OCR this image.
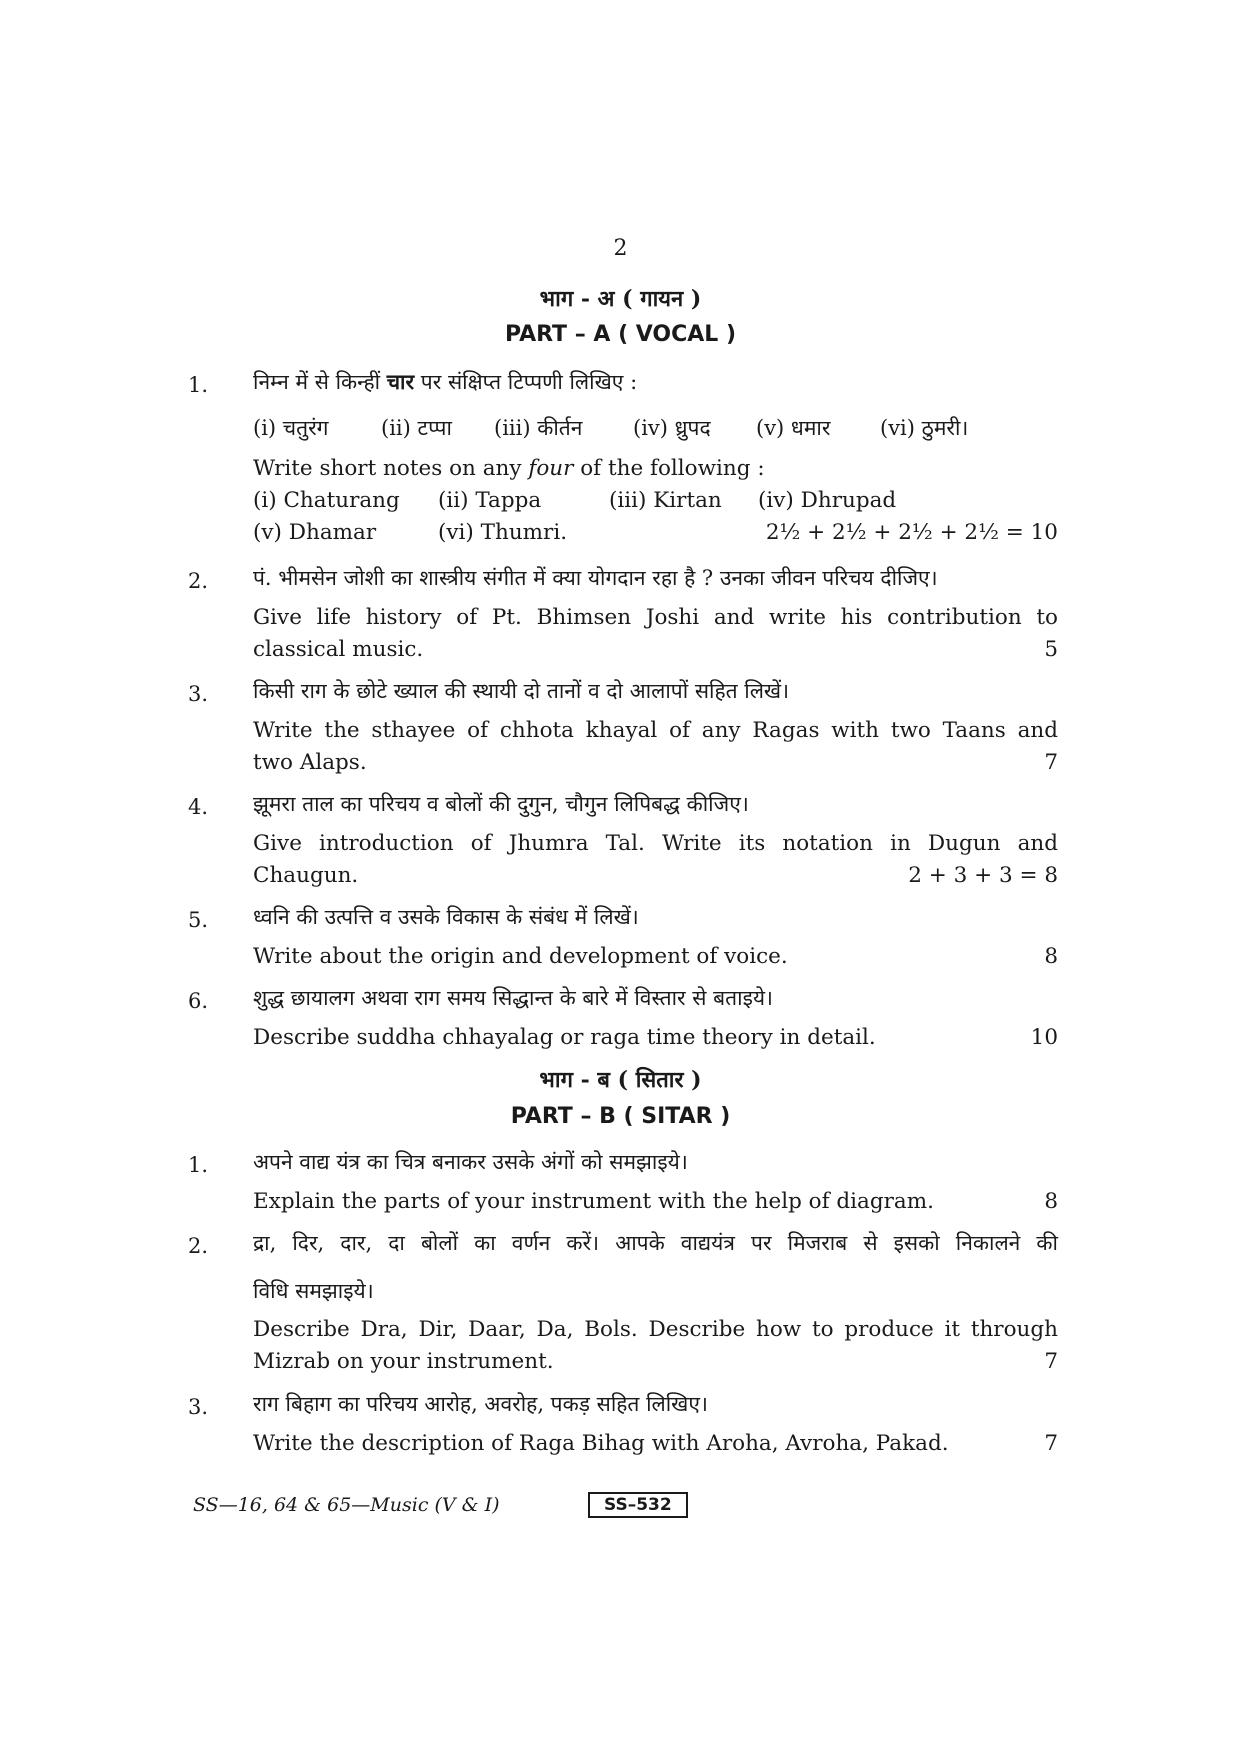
2
भाग - अ ( गायन )
PART – A ( VOCAL )
1. निम्न में से किन्हीं चार पर संक्षिप्त टिप्पणी लिखिए :
(i) चतुरंग	(ii) टप्पा (iii) कीर्तन (iv) ध्रुपद (v) धमार (vi) ठुमरी।
Write short notes on any four of the following :
(i) Chaturang (ii) Tappa	(iii) Kirtan (iv) Dhrupad
(v) Dhamar	(vi) Thumri.	2½ + 2½ + 2½ + 2½ = 10
2. पं. भीमसेन जोशी का शास्त्रीय संगीत में क्या योगदान रहा है ? उनका जीवन परिचय दीजिए।
Give life history of Pt. Bhimsen Joshi and write his contribution to
classical music.	5
3. किसी राग के छोटे ख्याल की स्थायी दो तानों व दो आलापों सहित लिखें।
Write the sthayee of chhota khayal of any Ragas with two Taans and
two Alaps.	7
4. झूमरा ताल का परिचय व बोलों की दुगुन, चौगुन लिपिबद्ध कीजिए।
Give introduction of Jhumra Tal. Write its notation in Dugun and
Chaugun.	2 + 3 + 3 = 8
5. ध्वनि की उत्पत्ति व उसके विकास के संबंध में लिखें।
Write about the origin and development of voice.	8
6. शुद्ध छायालग अथवा राग समय सिद्धान्त के बारे में विस्तार से बताइये।
Describe suddha chhayalag or raga time theory in detail.	10
भाग - ब ( सितार )
PART – B ( SITAR )
1. अपने वाद्य यंत्र का चित्र बनाकर उसके अंगों को समझाइये।
Explain the parts of your instrument with the help of diagram.	8
2. द्रा, दिर, दार, दा बोलों का वर्णन करें। आपके वाद्ययंत्र पर मिजराब से इसको निकालने की
विधि समझाइये।
Describe Dra, Dir, Daar, Da, Bols. Describe how to produce it through
Mizrab on your instrument.	7
3. राग बिहाग का परिचय आरोह, अवरोह, पकड़ सहित लिखिए।
Write the description of Raga Bihag with Aroha, Avroha, Pakad.	7
SS—16, 64 & 65—Music (V & I)	SS–532
